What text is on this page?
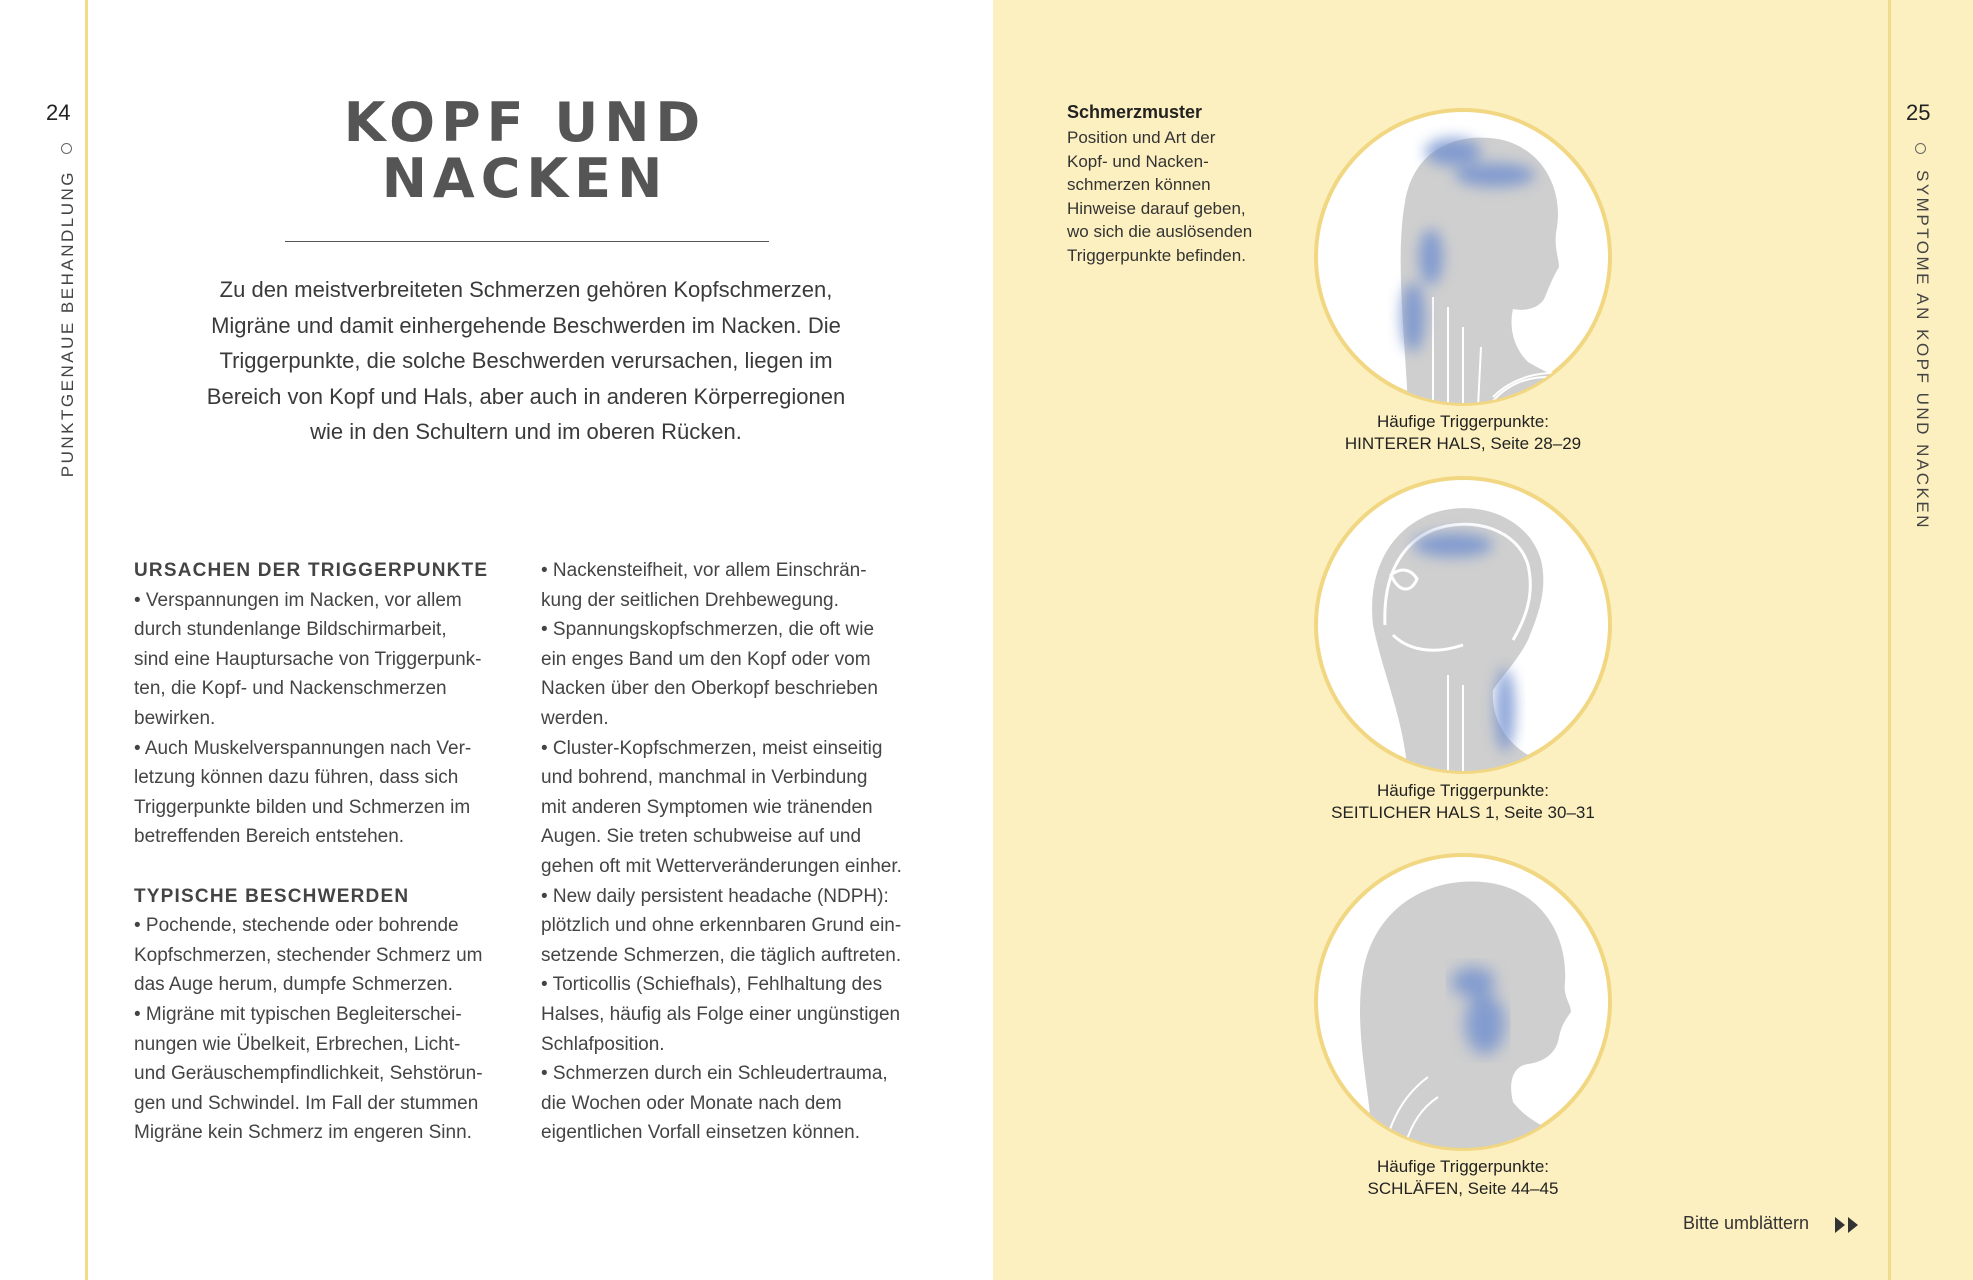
24
PUNKTGENAUE BEHANDLUNG
25
SYMPTOME AN KOPF UND NACKEN
KOPF UND
NACKEN
Zu den meistverbreiteten Schmerzen gehören Kopfschmerzen,
Migräne und damit einhergehende Beschwerden im Nacken. Die
Triggerpunkte, die solche Beschwerden verursachen, liegen im
Bereich von Kopf und Hals, aber auch in anderen Körperregionen
wie in den Schultern und im oberen Rücken.
URSACHEN DER TRIGGERPUNKTE

• Verspannungen im Nacken, vor allem

durch stundenlange Bildschirmarbeit,

sind eine Hauptursache von Triggerpunk-

ten, die Kopf- und Nackenschmerzen

bewirken.

• Auch Muskelverspannungen nach Ver-

letzung können dazu führen, dass sich

Triggerpunkte bilden und Schmerzen im

betreffenden Bereich entstehen.

TYPISCHE BESCHWERDEN

• Pochende, stechende oder bohrende

Kopfschmerzen, stechender Schmerz um

das Auge herum, dumpfe Schmerzen.

• Migräne mit typischen Begleiterschei-

nungen wie Übelkeit, Erbrechen, Licht-

und Geräuschempfindlichkeit, Sehstörun-

gen und Schwindel. Im Fall der stummen

Migräne kein Schmerz im engeren Sinn.

• Nackensteifheit, vor allem Einschrän-

kung der seitlichen Drehbewegung.

• Spannungskopfschmerzen, die oft wie

ein enges Band um den Kopf oder vom

Nacken über den Oberkopf beschrieben

werden.

• Cluster-Kopfschmerzen, meist einseitig

und bohrend, manchmal in Verbindung

mit anderen Symptomen wie tränenden

Augen. Sie treten schubweise auf und

gehen oft mit Wetterveränderungen einher.

• New daily persistent headache (NDPH):

plötzlich und ohne erkennbaren Grund ein-

setzende Schmerzen, die täglich auftreten.

• Torticollis (Schiefhals), Fehlhaltung des

Halses, häufig als Folge einer ungünstigen

Schlafposition.

• Schmerzen durch ein Schleudertrauma,

die Wochen oder Monate nach dem

eigentlichen Vorfall einsetzen können.

Schmerzmuster
Position und Art der
Kopf- und Nacken-
schmerzen können
Hinweise darauf geben,
wo sich die auslösenden
Triggerpunkte befinden.
Häufige Triggerpunkte:
HINTERER HALS, Seite 28–29
Häufige Triggerpunkte:
SEITLICHER HALS 1, Seite 30–31
Häufige Triggerpunkte:
SCHLÄFEN, Seite 44–45
Bitte umblättern
